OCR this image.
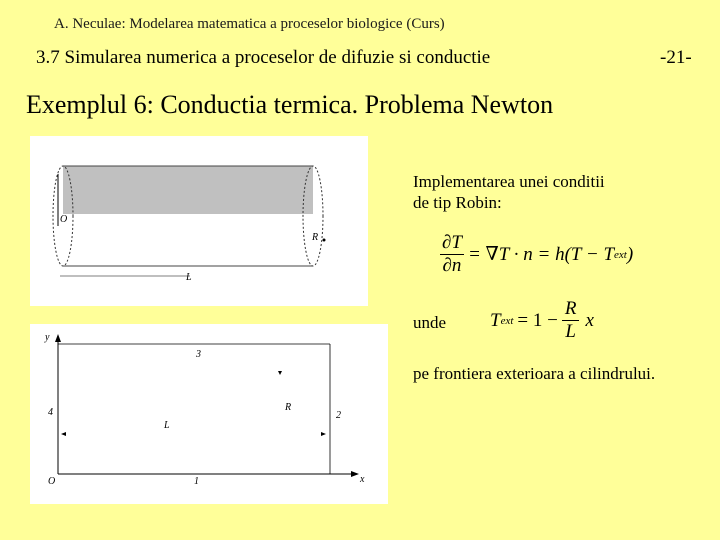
A. Neculae: Modelarea matematica a proceselor biologice (Curs)
3.7 Simularea numerica a proceselor de difuzie si conductie	-21-
Exemplul 6: Conductia termica. Problema Newton
O
R
L
y
x
O	1
2
3
4
L
R
Implementarea unei conditii
de tip Robin:
$\frac{\partial T}{\partial n} = \nabla T \cdot n = h(T - T$ ext )
unde T ext = $1 - \frac{R}{L}$ x
pe frontiera exterioara a cilindrului.
